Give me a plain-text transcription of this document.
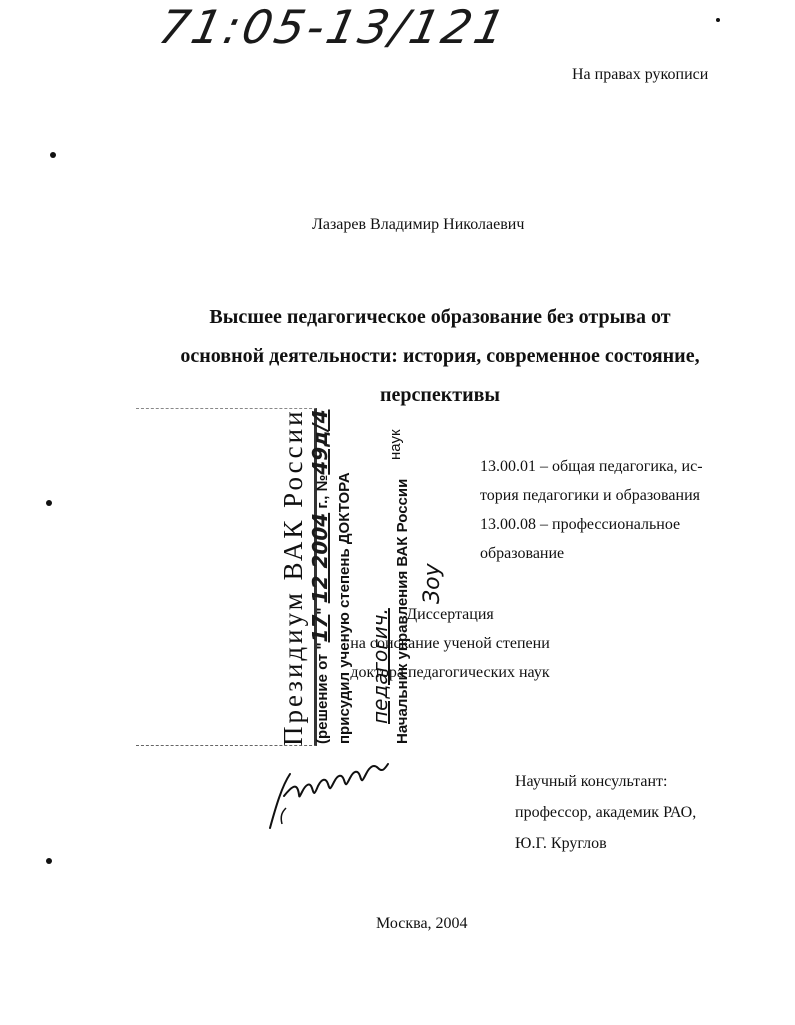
71:05-13/121
На правах рукописи
Лазарев Владимир Николаевич
Высшее педагогическое образование без отрыва от
основной деятельности: история, современное состояние,
перспективы
13.00.01 – общая педагогика, ис-
тория педагогики и образования
13.00.08 – профессиональное
образование
Диссертация
на соискание ученой степени
доктора педагогических наук
Научный консультант:
профессор, академик РАО,
Ю.Г. Круглов
Москва, 2004
Президиум ВАК России (решение от "17" 12 2004 г., №49д/4
присудил ученую степень ДОКТОРА педагогич.
наук
Начальник управления ВАК России Зоу
